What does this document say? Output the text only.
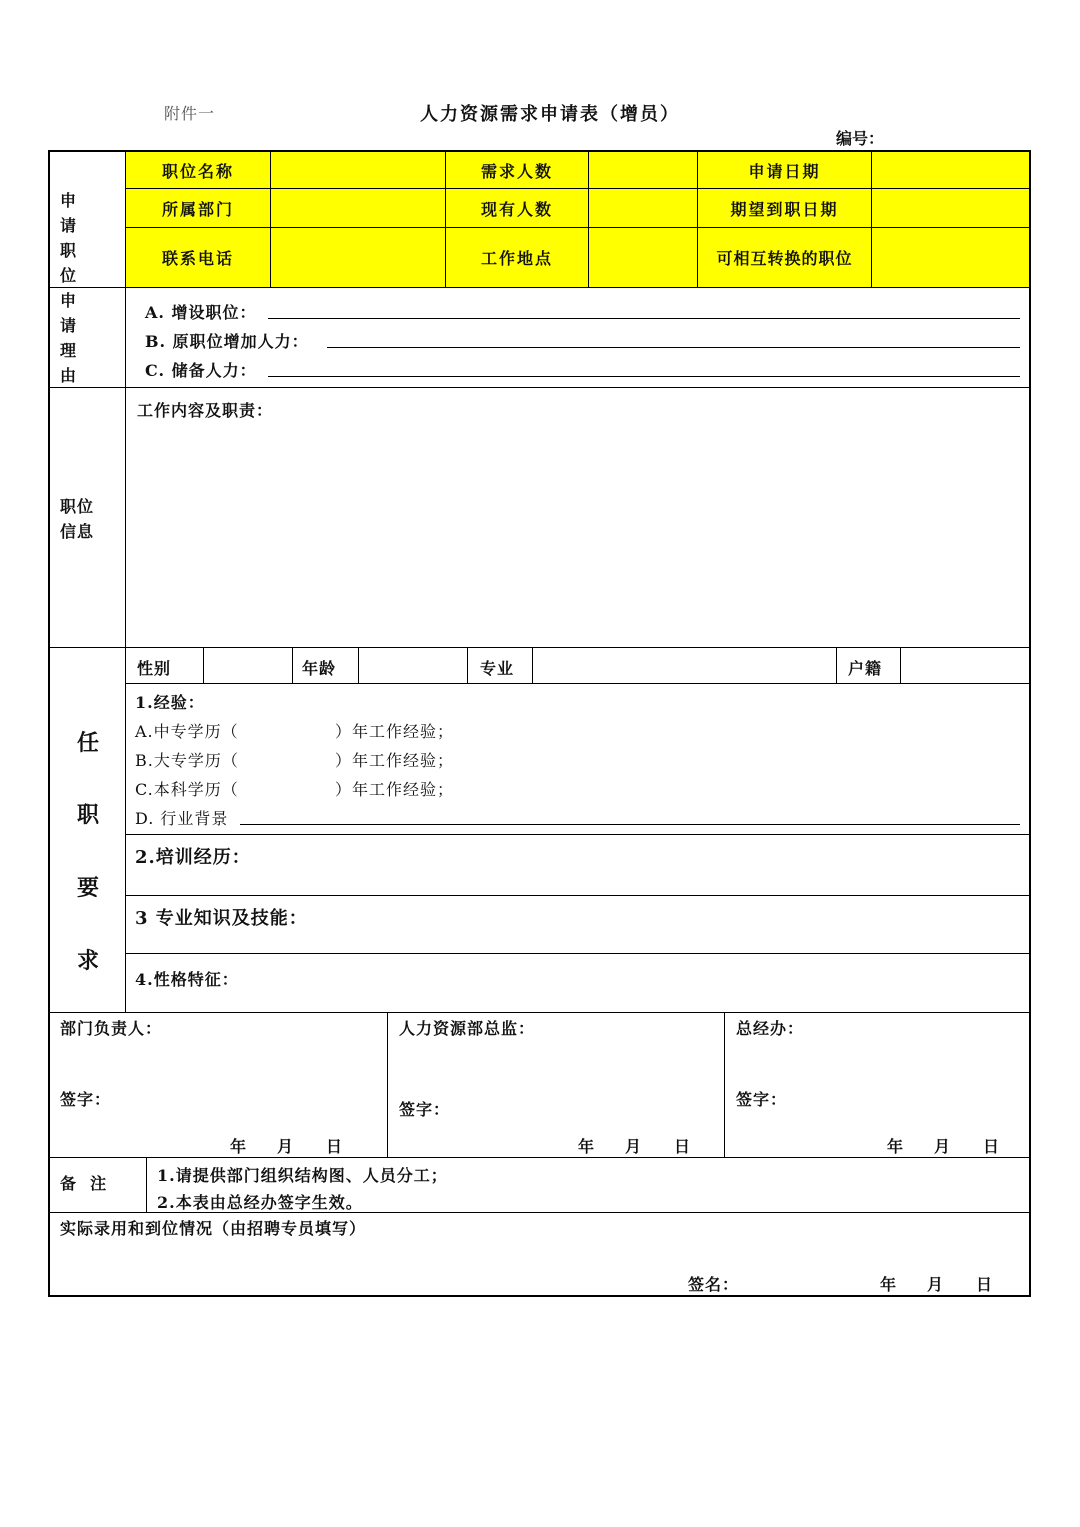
附件一	人力资源需求申请表（增员）
编号：
申
请
职
位
职位名称	需求人数	申请日期
所属部门	现有人数	期望到职日期
联系电话	工作地点	可相互转换的职位
申
请
理
由
A. 增设职位：
B. 原职位增加人力：
C. 储备人力：
职位
信息
工作内容及职责：
任
职
要
求
性别	年龄	专业	户籍
1.经验：
A.中专学历（	）年工作经验；
B.大专学历（	）年工作经验；
C.本科学历（	）年工作经验；
D. 行业背景
2.培训经历：
3 专业知识及技能：
4.性格特征：
部门负责人：
签字：
年 月 日
人力资源部总监：
签字：
年 月 日
总经办：
签字：
年 月 日
备  注	1.请提供部门组织结构图、人员分工；
2.本表由总经办签字生效。
实际录用和到位情况（由招聘专员填写）
签名：	年 月 日
